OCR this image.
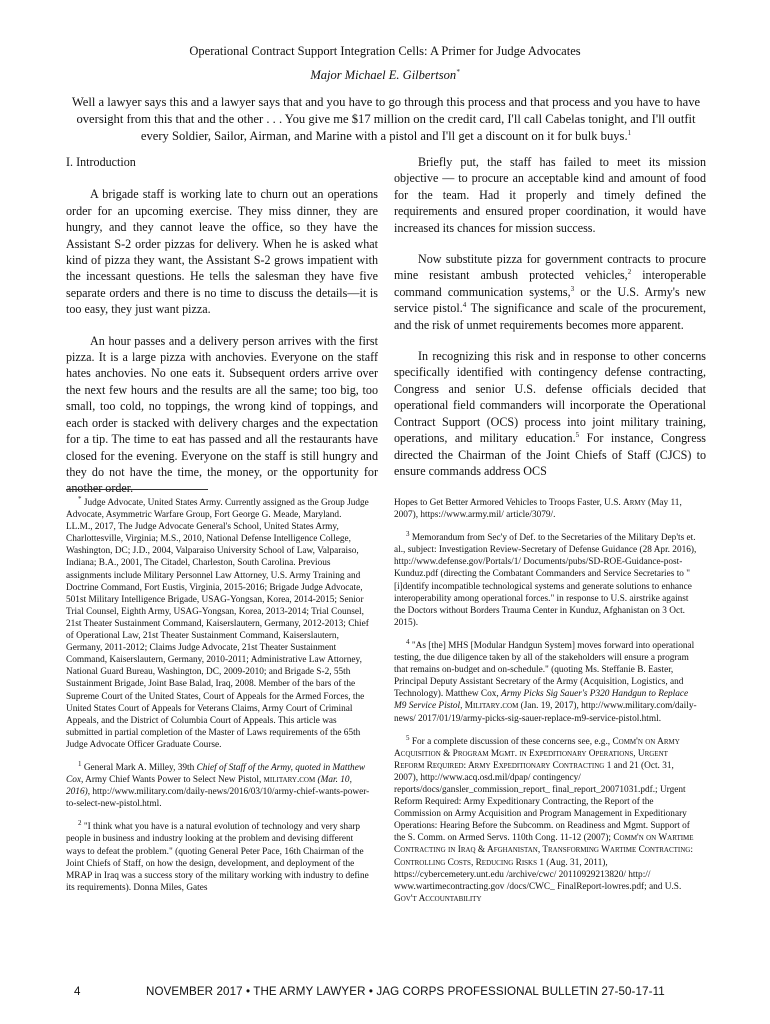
Operational Contract Support Integration Cells: A Primer for Judge Advocates
Major Michael E. Gilbertson*
Well a lawyer says this and a lawyer says that and you have to go through this process and that process and you have to have oversight from this that and the other . . . You give me $17 million on the credit card, I'll call Cabelas tonight, and I'll outfit every Soldier, Sailor, Airman, and Marine with a pistol and I'll get a discount on it for bulk buys.$^1$
I. Introduction

A brigade staff is working late to churn out an operations order for an upcoming exercise. They miss dinner, they are hungry, and they cannot leave the office, so they have the Assistant S-2 order pizzas for delivery. When he is asked what kind of pizza they want, the Assistant S-2 grows impatient with the incessant questions. He tells the salesman they have five separate orders and there is no time to discuss the details—it is too easy, they just want pizza.

An hour passes and a delivery person arrives with the first pizza. It is a large pizza with anchovies. Everyone on the staff hates anchovies. No one eats it. Subsequent orders arrive over the next few hours and the results are all the same; too big, too small, too cold, no toppings, the wrong kind of toppings, and each order is stacked with delivery charges and the expectation for a tip. The time to eat has passed and all the restaurants have closed for the evening. Everyone on the staff is still hungry and they do not have the time, the money, or the opportunity for another order.

Briefly put, the staff has failed to meet its mission objective — to procure an acceptable kind and amount of food for the team. Had it properly and timely defined the requirements and ensured proper coordination, it would have increased its chances for mission success.

Now substitute pizza for government contracts to procure mine resistant ambush protected vehicles,$^2$ interoperable command communication systems,$^3$ or the U.S. Army's new service pistol.$^4$ The significance and scale of the procurement, and the risk of unmet requirements becomes more apparent.

In recognizing this risk and in response to other concerns specifically identified with contingency defense contracting, Congress and senior U.S. defense officials decided that operational field commanders will incorporate the Operational Contract Support (OCS) process into joint military training, operations, and military education.$^5$ For instance, Congress directed the Chairman of the Joint Chiefs of Staff (CJCS) to ensure commands address OCS

* Judge Advocate, United States Army. Currently assigned as the Group Judge Advocate, Asymmetric Warfare Group, Fort George G. Meade, Maryland. LL.M., 2017, The Judge Advocate General's School, United States Army, Charlottesville, Virginia; M.S., 2010, National Defense Intelligence College, Washington, DC; J.D., 2004, Valparaiso University School of Law, Valparaiso, Indiana; B.A., 2001, The Citadel, Charleston, South Carolina. Previous assignments include Military Personnel Law Attorney, U.S. Army Training and Doctrine Command, Fort Eustis, Virginia, 2015-2016; Brigade Judge Advocate, 501st Military Intelligence Brigade, USAG-Yongsan, Korea, 2014-2015; Senior Trial Counsel, Eighth Army, USAG-Yongsan, Korea, 2013-2014; Trial Counsel, 21st Theater Sustainment Command, Kaiserslautern, Germany, 2012-2013; Chief of Operational Law, 21st Theater Sustainment Command, Kaiserslautern, Germany, 2011-2012; Claims Judge Advocate, 21st Theater Sustainment Command, Kaiserslautern, Germany, 2010-2011; Administrative Law Attorney, National Guard Bureau, Washington, DC, 2009-2010; and Brigade S-2, 55th Sustainment Brigade, Joint Base Balad, Iraq, 2008. Member of the bars of the Supreme Court of the United States, Court of Appeals for the Armed Forces, the United States Court of Appeals for Veterans Claims, Army Court of Criminal Appeals, and the District of Columbia Court of Appeals. This article was submitted in partial completion of the Master of Laws requirements of the 65th Judge Advocate Officer Graduate Course.

$^1$ General Mark A. Milley, 39th Chief of Staff of the Army, quoted in Matthew Cox, Army Chief Wants Power to Select New Pistol, military.com (Mar. 10, 2016), http://www.military.com/daily-news/2016/03/10/army-chief-wants-power-to-select-new-pistol.html.

$^2$ "I think what you have is a natural evolution of technology and very sharp people in business and industry looking at the problem and devising different ways to defeat the problem." (quoting General Peter Pace, 16th Chairman of the Joint Chiefs of Staff, on how the design, development, and deployment of the MRAP in Iraq was a success story of the military working with industry to define its requirements). Donna Miles, Gates

Hopes to Get Better Armored Vehicles to Troops Faster, U.S. Army (May 11, 2007), https://www.army.mil/ article/3079/.

$^3$ Memorandum from Sec'y of Def. to the Secretaries of the Military Dep'ts et. al., subject: Investigation Review-Secretary of Defense Guidance (28 Apr. 2016), http://www.defense.gov/Portals/1/ Documents/pubs/SD-ROE-Guidance-post-Kunduz.pdf (directing the Combatant Commanders and Service Secretaries to "[i]dentify incompatible technological systems and generate solutions to enhance interoperability among operational forces." in response to U.S. airstrike against the Doctors without Borders Trauma Center in Kunduz, Afghanistan on 3 Oct. 2015).

$^4$ "As [the] MHS [Modular Handgun System] moves forward into operational testing, the due diligence taken by all of the stakeholders will ensure a program that remains on-budget and on-schedule." (quoting Ms. Steffanie B. Easter, Principal Deputy Assistant Secretary of the Army (Acquisition, Logistics, and Technology). Matthew Cox, Army Picks Sig Sauer's P320 Handgun to Replace M9 Service Pistol, Military.com (Jan. 19, 2017), http://www.military.com/daily-news/ 2017/01/19/army-picks-sig-sauer-replace-m9-service-pistol.html.

$^5$ For a complete discussion of these concerns see, e.g., Comm'n on Army Acquisition & Program Mgmt. in Expeditionary Operations, Urgent Reform Required: Army Expeditionary Contracting 1 and 21 (Oct. 31, 2007), http://www.acq.osd.mil/dpap/ contingency/ reports/docs/gansler_commission_report_ final_report_20071031.pdf.; Urgent Reform Required: Army Expeditionary Contracting, the Report of the Commission on Army Acquisition and Program Management in Expeditionary Operations: Hearing Before the Subcomm. on Readiness and Mgmt. Support of the S. Comm. on Armed Servs. 110th Cong. 11-12 (2007); Comm'n on Wartime Contracting in Iraq & Afghanistan, Transforming Wartime Contracting: Controlling Costs, Reducing Risks 1 (Aug. 31, 2011), https://cybercemetery.unt.edu /archive/cwc/ 20110929213820/ http:// www.wartimecontracting.gov /docs/CWC_ FinalReport-lowres.pdf; and U.S. Gov't Accountability

4	NOVEMBER 2017 • THE ARMY LAWYER • JAG CORPS PROFESSIONAL BULLETIN 27-50-17-11
